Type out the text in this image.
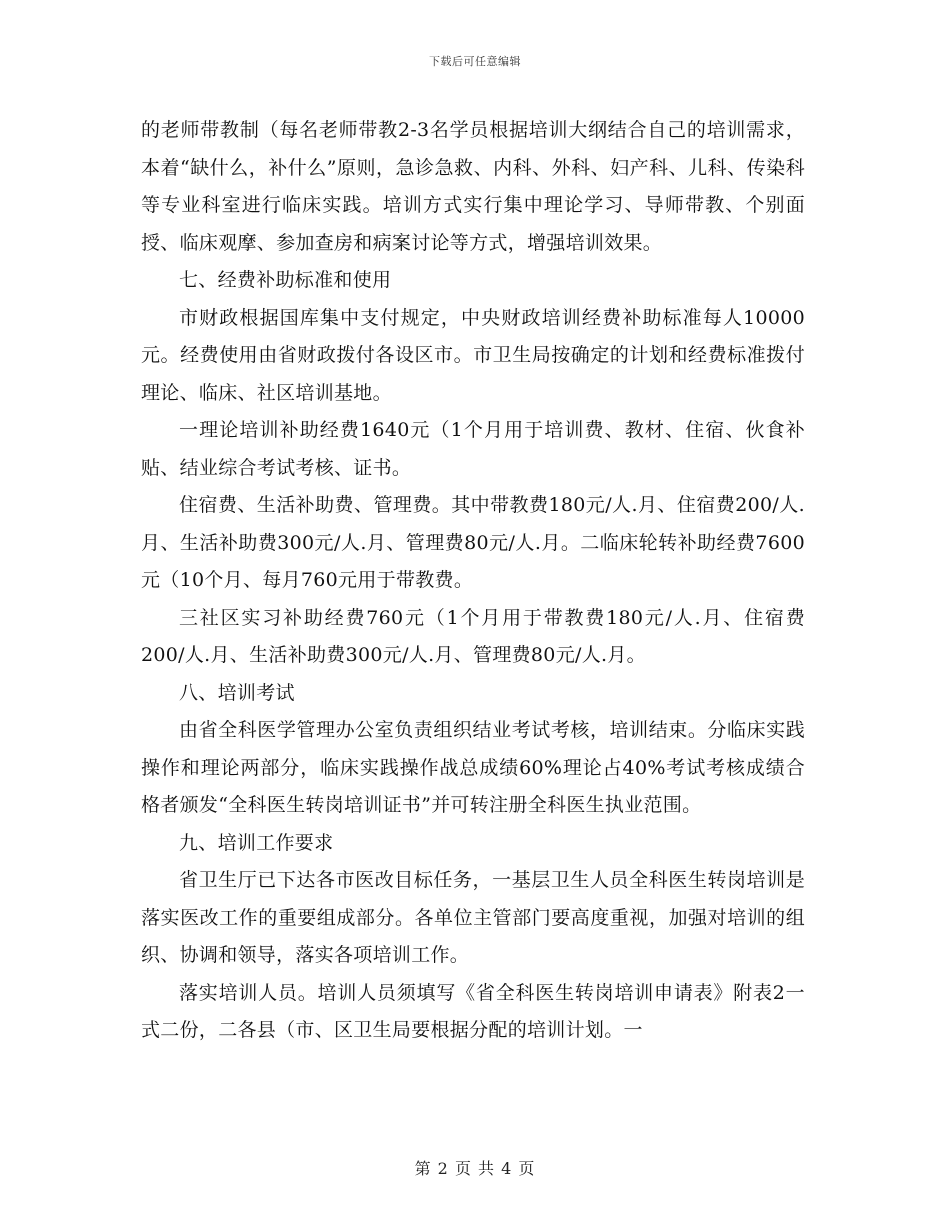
下载后可任意编辑

的老师带教制（每名老师带教2-3名学员根据培训大纲结合自己的培训需求，本着“缺什么，补什么”原则，急诊急救、内科、外科、妇产科、儿科、传染科等专业科室进行临床实践。培训方式实行集中理论学习、导师带教、个别面授、临床观摩、参加查房和病案讨论等方式，增强培训效果。

七、经费补助标准和使用

市财政根据国库集中支付规定，中央财政培训经费补助标准每人10000元。经费使用由省财政拨付各设区市。市卫生局按确定的计划和经费标准拨付理论、临床、社区培训基地。

一理论培训补助经费1640元（1个月用于培训费、教材、住宿、伙食补贴、结业综合考试考核、证书。

住宿费、生活补助费、管理费。其中带教费180元/人.月、住宿费200/人.月、生活补助费300元/人.月、管理费80元/人.月。二临床轮转补助经费7600元（10个月、每月760元用于带教费。

三社区实习补助经费760元（1个月用于带教费180元/人.月、住宿费200/人.月、生活补助费300元/人.月、管理费80元/人.月。

八、培训考试

由省全科医学管理办公室负责组织结业考试考核，培训结束。分临床实践操作和理论两部分，临床实践操作战总成绩60%理论占40%考试考核成绩合格者颁发“全科医生转岗培训证书”并可转注册全科医生执业范围。

九、培训工作要求

省卫生厅已下达各市医改目标任务，一基层卫生人员全科医生转岗培训是落实医改工作的重要组成部分。各单位主管部门要高度重视，加强对培训的组织、协调和领导，落实各项培训工作。

落实培训人员。培训人员须填写《省全科医生转岗培训申请表》附表2一式二份，二各县（市、区卫生局要根据分配的培训计划。一

第 2 页 共 4 页
